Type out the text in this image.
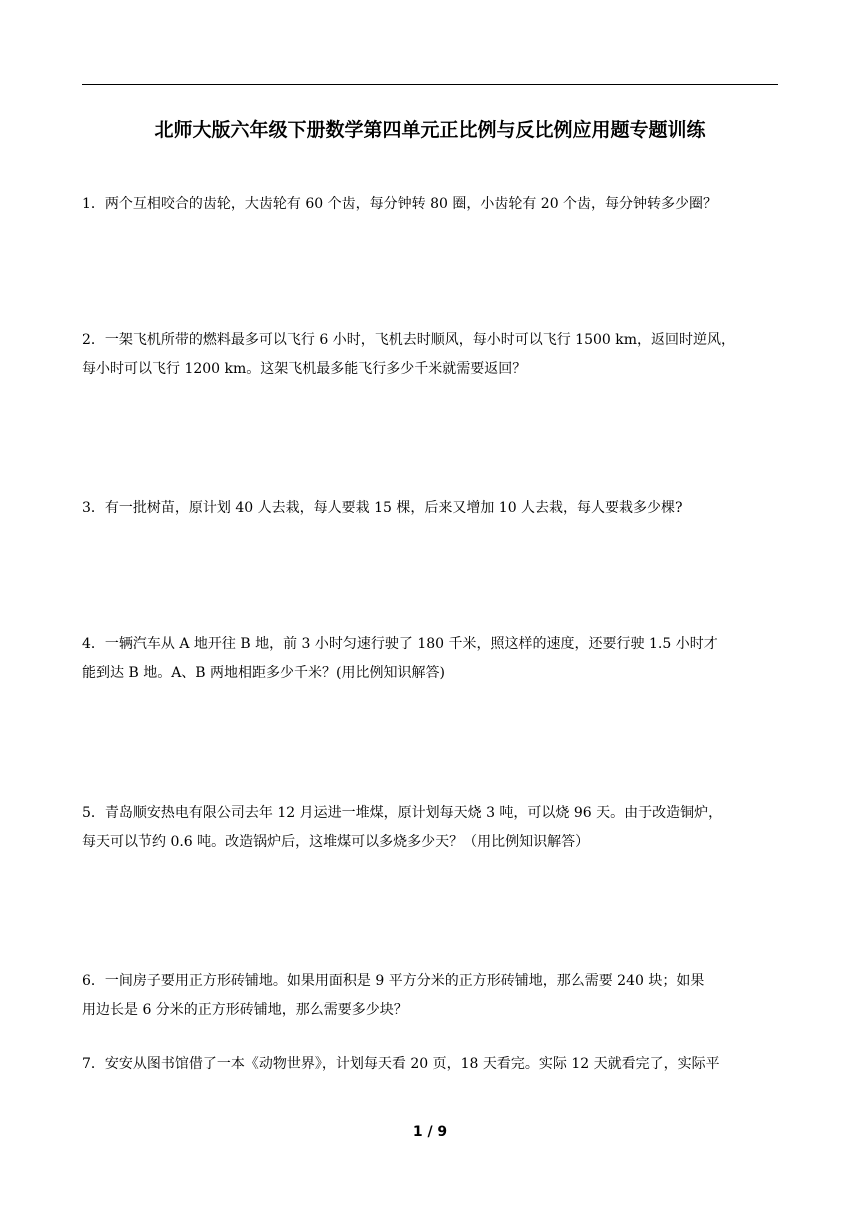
北师大版六年级下册数学第四单元正比例与反比例应用题专题训练
1．两个互相咬合的齿轮，大齿轮有 60 个齿，每分钟转 80 圈，小齿轮有 20 个齿，每分钟转多少圈？
2．一架飞机所带的燃料最多可以飞行 6 小时，飞机去时顺风，每小时可以飞行 1500 km，返回时逆风，
每小时可以飞行 1200 km。这架飞机最多能飞行多少千米就需要返回？
3．有一批树苗，原计划 40 人去栽，每人要栽 15 棵，后来又增加 10 人去栽，每人要栽多少棵?
4．一辆汽车从 A 地开往 B 地，前 3 小时匀速行驶了 180 千米，照这样的速度，还要行驶 1.5 小时才
能到达 B 地。A、B 两地相距多少千米？(用比例知识解答)
5．青岛顺安热电有限公司去年 12 月运进一堆煤，原计划每天烧 3 吨，可以烧 96 天。由于改造铜炉，
每天可以节约 0.6 吨。改造锅炉后，这堆煤可以多烧多少天？（用比例知识解答）
6．一间房子要用正方形砖铺地。如果用面积是 9 平方分米的正方形砖铺地，那么需要 240 块；如果
用边长是 6 分米的正方形砖铺地，那么需要多少块？
7．安安从图书馆借了一本《动物世界》，计划每天看 20 页，18 天看完。实际 12 天就看完了，实际平
1 / 9
